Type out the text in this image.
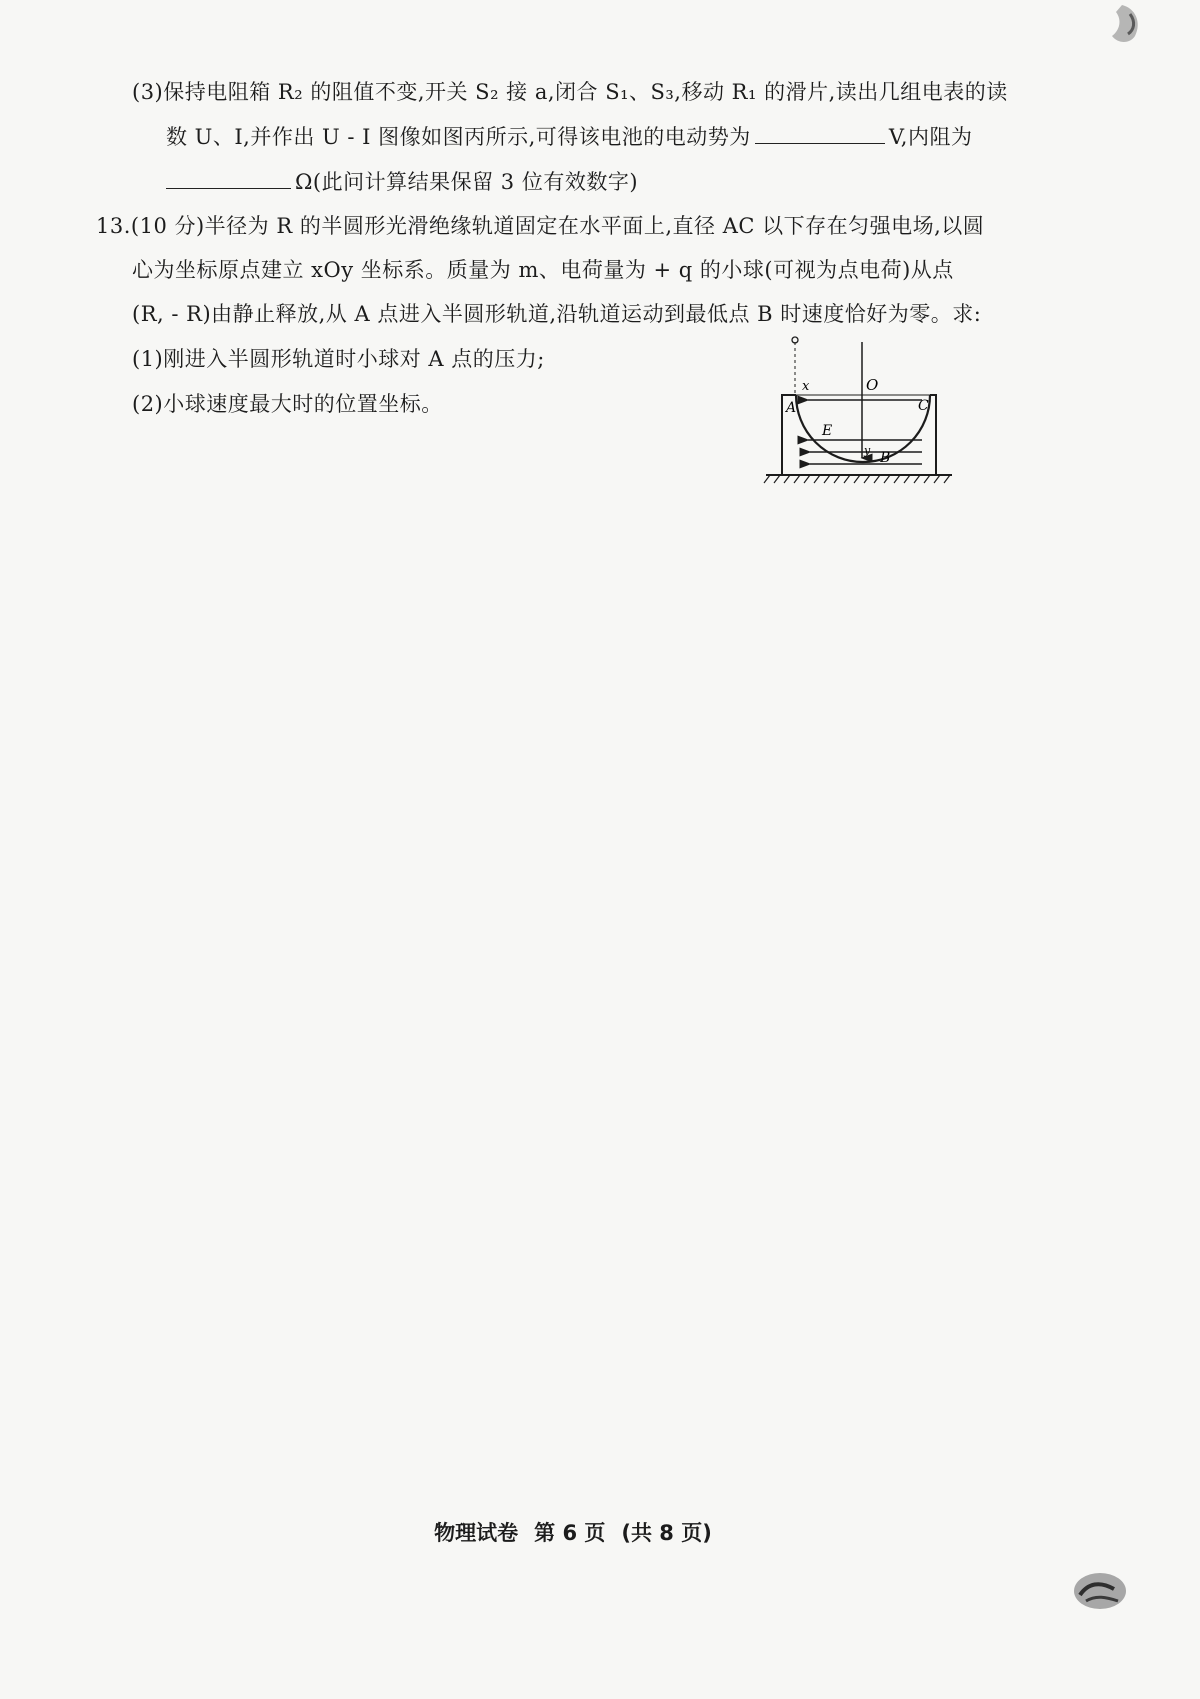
(3)保持电阻箱 R₂ 的阻值不变,开关 S₂ 接 a,闭合 S₁、S₃,移动 R₁ 的滑片,读出几组电表的读
数 U、I,并作出 U - I 图像如图丙所示,可得该电池的电动势为	V,内阻为
Ω(此问计算结果保留 3 位有效数字)
13.(10 分)半径为 R 的半圆形光滑绝缘轨道固定在水平面上,直径 AC 以下存在匀强电场,以圆
心为坐标原点建立 xOy 坐标系。质量为 m、电荷量为 + q 的小球(可视为点电荷)从点
(R, - R)由静止释放,从 A 点进入半圆形轨道,沿轨道运动到最低点 B 时速度恰好为零。求:
(1)刚进入半圆形轨道时小球对 A 点的压力;
(2)小球速度最大时的位置坐标。
x	O
A	C
E
y B
物理试卷 第 6 页 (共 8 页)
